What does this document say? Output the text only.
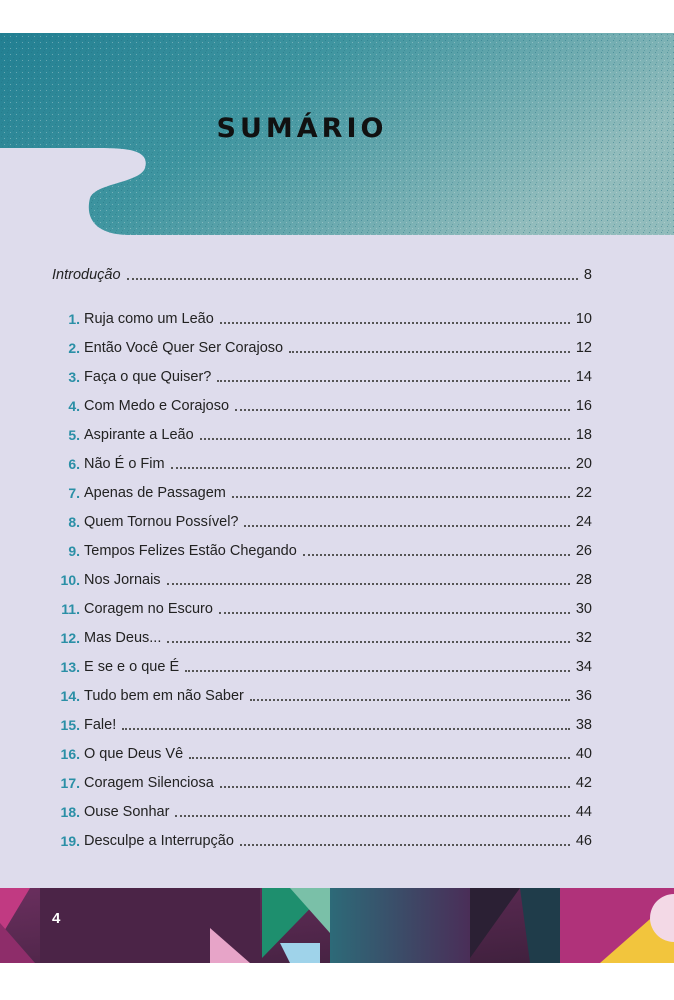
SUMÁRIO
Introdução	8
1. Ruja como um Leão	10
2. Então Você Quer Ser Corajoso	12
3. Faça o que Quiser?	14
4. Com Medo e Corajoso	16
5. Aspirante a Leão	18
6. Não É o Fim	20
7. Apenas de Passagem	22
8. Quem Tornou Possível?	24
9. Tempos Felizes Estão Chegando	26
10. Nos Jornais	28
11. Coragem no Escuro	30
12. Mas Deus...	32
13. E se e o que É	34
14. Tudo bem em não Saber	36
15. Fale!	38
16. O que Deus Vê	40
17. Coragem Silenciosa	42
18. Ouse Sonhar	44
19. Desculpe a Interrupção	46
4
